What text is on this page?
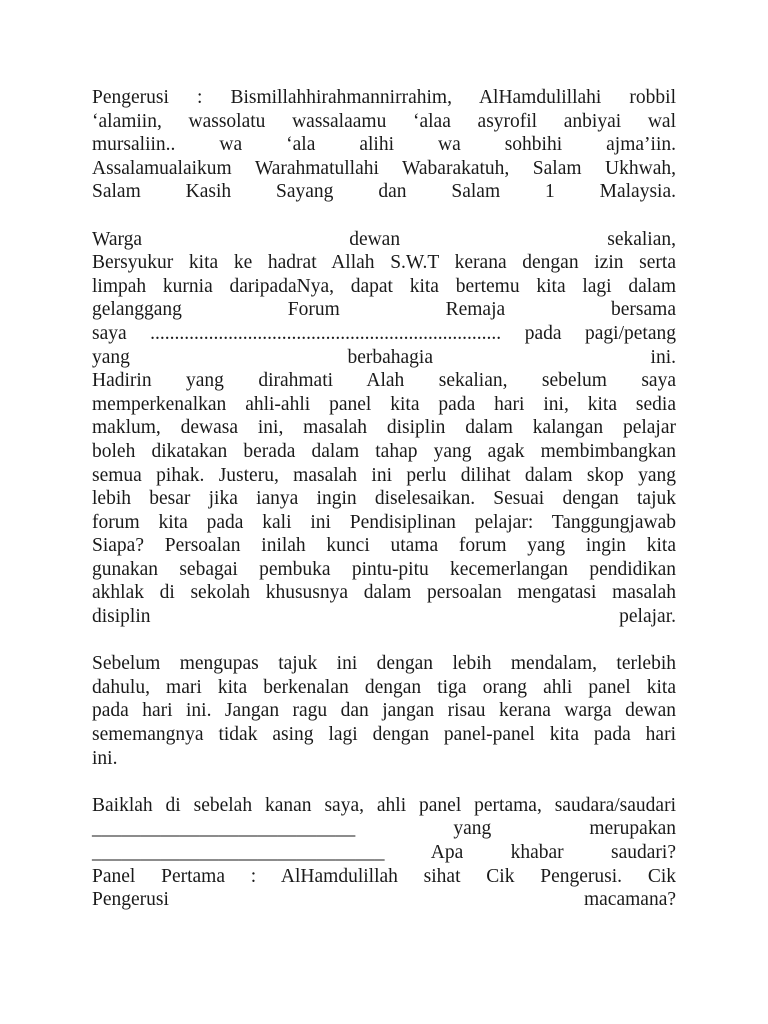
Pengerusi : Bismillahhirahmannirrahim, AlHamdulillahi robbil
‘alamiin, wassolatu wassalaamu ‘alaa asyrofil anbiyai wal
mursaliin.. wa ‘ala alihi wa sohbihi ajma’iin.
Assalamualaikum Warahmatullahi Wabarakatuh, Salam Ukhwah,
Salam Kasih Sayang dan Salam 1 Malaysia.
Warga dewan sekalian,
Bersyukur kita ke hadrat Allah S.W.T kerana dengan izin serta
limpah kurnia daripadaNya, dapat kita bertemu kita lagi dalam
gelanggang Forum Remaja bersama
saya ........................................................................ pada pagi/petang
yang berbahagia ini.
Hadirin yang dirahmati Alah sekalian, sebelum saya
memperkenalkan ahli-ahli panel kita pada hari ini, kita sedia
maklum, dewasa ini, masalah disiplin dalam kalangan pelajar
boleh dikatakan berada dalam tahap yang agak membimbangkan
semua pihak. Justeru, masalah ini perlu dilihat dalam skop yang
lebih besar jika ianya ingin diselesaikan. Sesuai dengan tajuk
forum kita pada kali ini Pendisiplinan pelajar: Tanggungjawab
Siapa? Persoalan inilah kunci utama forum yang ingin kita
gunakan sebagai pembuka pintu-pitu kecemerlangan pendidikan
akhlak di sekolah khususnya dalam persoalan mengatasi masalah
disiplin pelajar.
Sebelum mengupas tajuk ini dengan lebih mendalam, terlebih
dahulu, mari kita berkenalan dengan tiga orang ahli panel kita
pada hari ini. Jangan ragu dan jangan risau kerana warga dewan
sememangnya tidak asing lagi dengan panel-panel kita pada hari
ini.
Baiklah di sebelah kanan saya, ahli panel pertama, saudara/saudari
___________________________ yang merupakan
______________________________ Apa khabar saudari?
Panel Pertama : AlHamdulillah sihat Cik Pengerusi. Cik
Pengerusi macamana?
